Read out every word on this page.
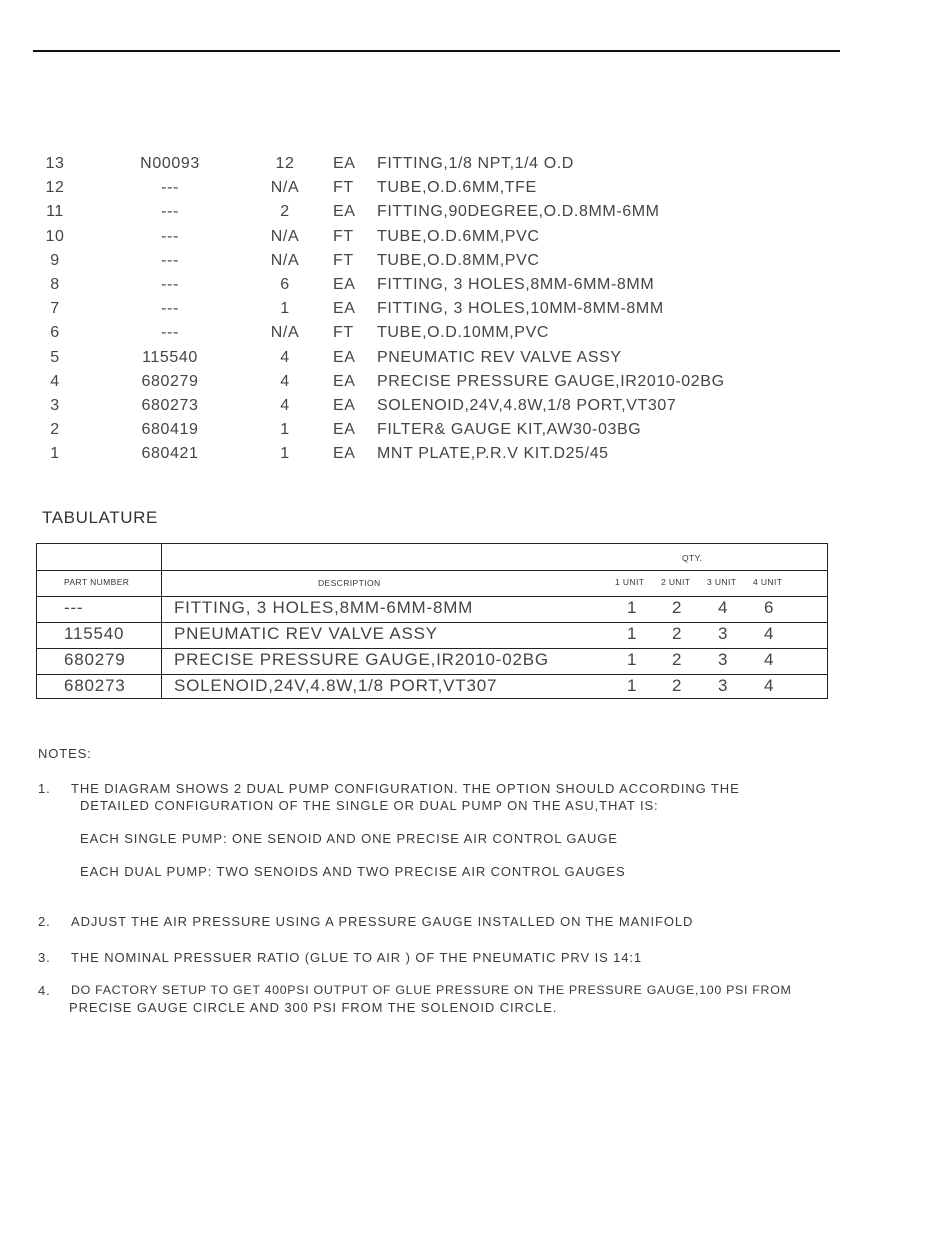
13	N00093	12	EA FITTING,1/8 NPT,1/4 O.D
12	---	N/A	FT TUBE,O.D.6MM,TFE
11	---	2	EA FITTING,90DEGREE,O.D.8MM-6MM
10	---	N/A	FT TUBE,O.D.6MM,PVC
9	---	N/A	FT TUBE,O.D.8MM,PVC
8	---	6	EA FITTING, 3 HOLES,8MM-6MM-8MM
7	---	1	EA FITTING, 3 HOLES,10MM-8MM-8MM
6	---	N/A	FT TUBE,O.D.10MM,PVC
5	115540	4	EA PNEUMATIC REV VALVE ASSY
4	680279	4	EA PRECISE PRESSURE GAUGE,IR2010-02BG
3	680273	4	EA SOLENOID,24V,4.8W,1/8 PORT,VT307
2	680419	1	EA FILTER& GAUGE KIT,AW30-03BG
1	680421	1	EA MNT PLATE,P.R.V KIT.D25/45
TABULATURE
QTY.
PART NUMBER	DESCRIPTION	1 UNIT 2 UNIT 3 UNIT 4 UNIT
---	FITTING, 3 HOLES,8MM-6MM-8MM	1 2 4 6
115540	PNEUMATIC REV VALVE ASSY	1 2 3 4
680279	PRECISE PRESSURE GAUGE,IR2010-02BG	1 2 3 4
680273	SOLENOID,24V,4.8W,1/8 PORT,VT307	1 2 3 4
NOTES:
1. THE DIAGRAM SHOWS 2 DUAL PUMP CONFIGURATION. THE OPTION SHOULD ACCORDING THE
DETAILED CONFIGURATION OF THE SINGLE OR DUAL PUMP ON THE ASU,THAT IS:
EACH SINGLE PUMP: ONE SENOID AND ONE PRECISE AIR CONTROL GAUGE
EACH DUAL PUMP: TWO SENOIDS AND TWO PRECISE AIR CONTROL GAUGES
2. ADJUST THE AIR PRESSURE USING A PRESSURE GAUGE INSTALLED ON THE MANIFOLD
3. THE NOMINAL PRESSUER RATIO (GLUE TO AIR ) OF THE PNEUMATIC PRV IS 14:1
4. DO FACTORY SETUP TO GET 400PSI OUTPUT OF GLUE PRESSURE ON THE PRESSURE GAUGE,100 PSI FROM
PRECISE GAUGE CIRCLE AND 300 PSI FROM THE SOLENOID CIRCLE.
